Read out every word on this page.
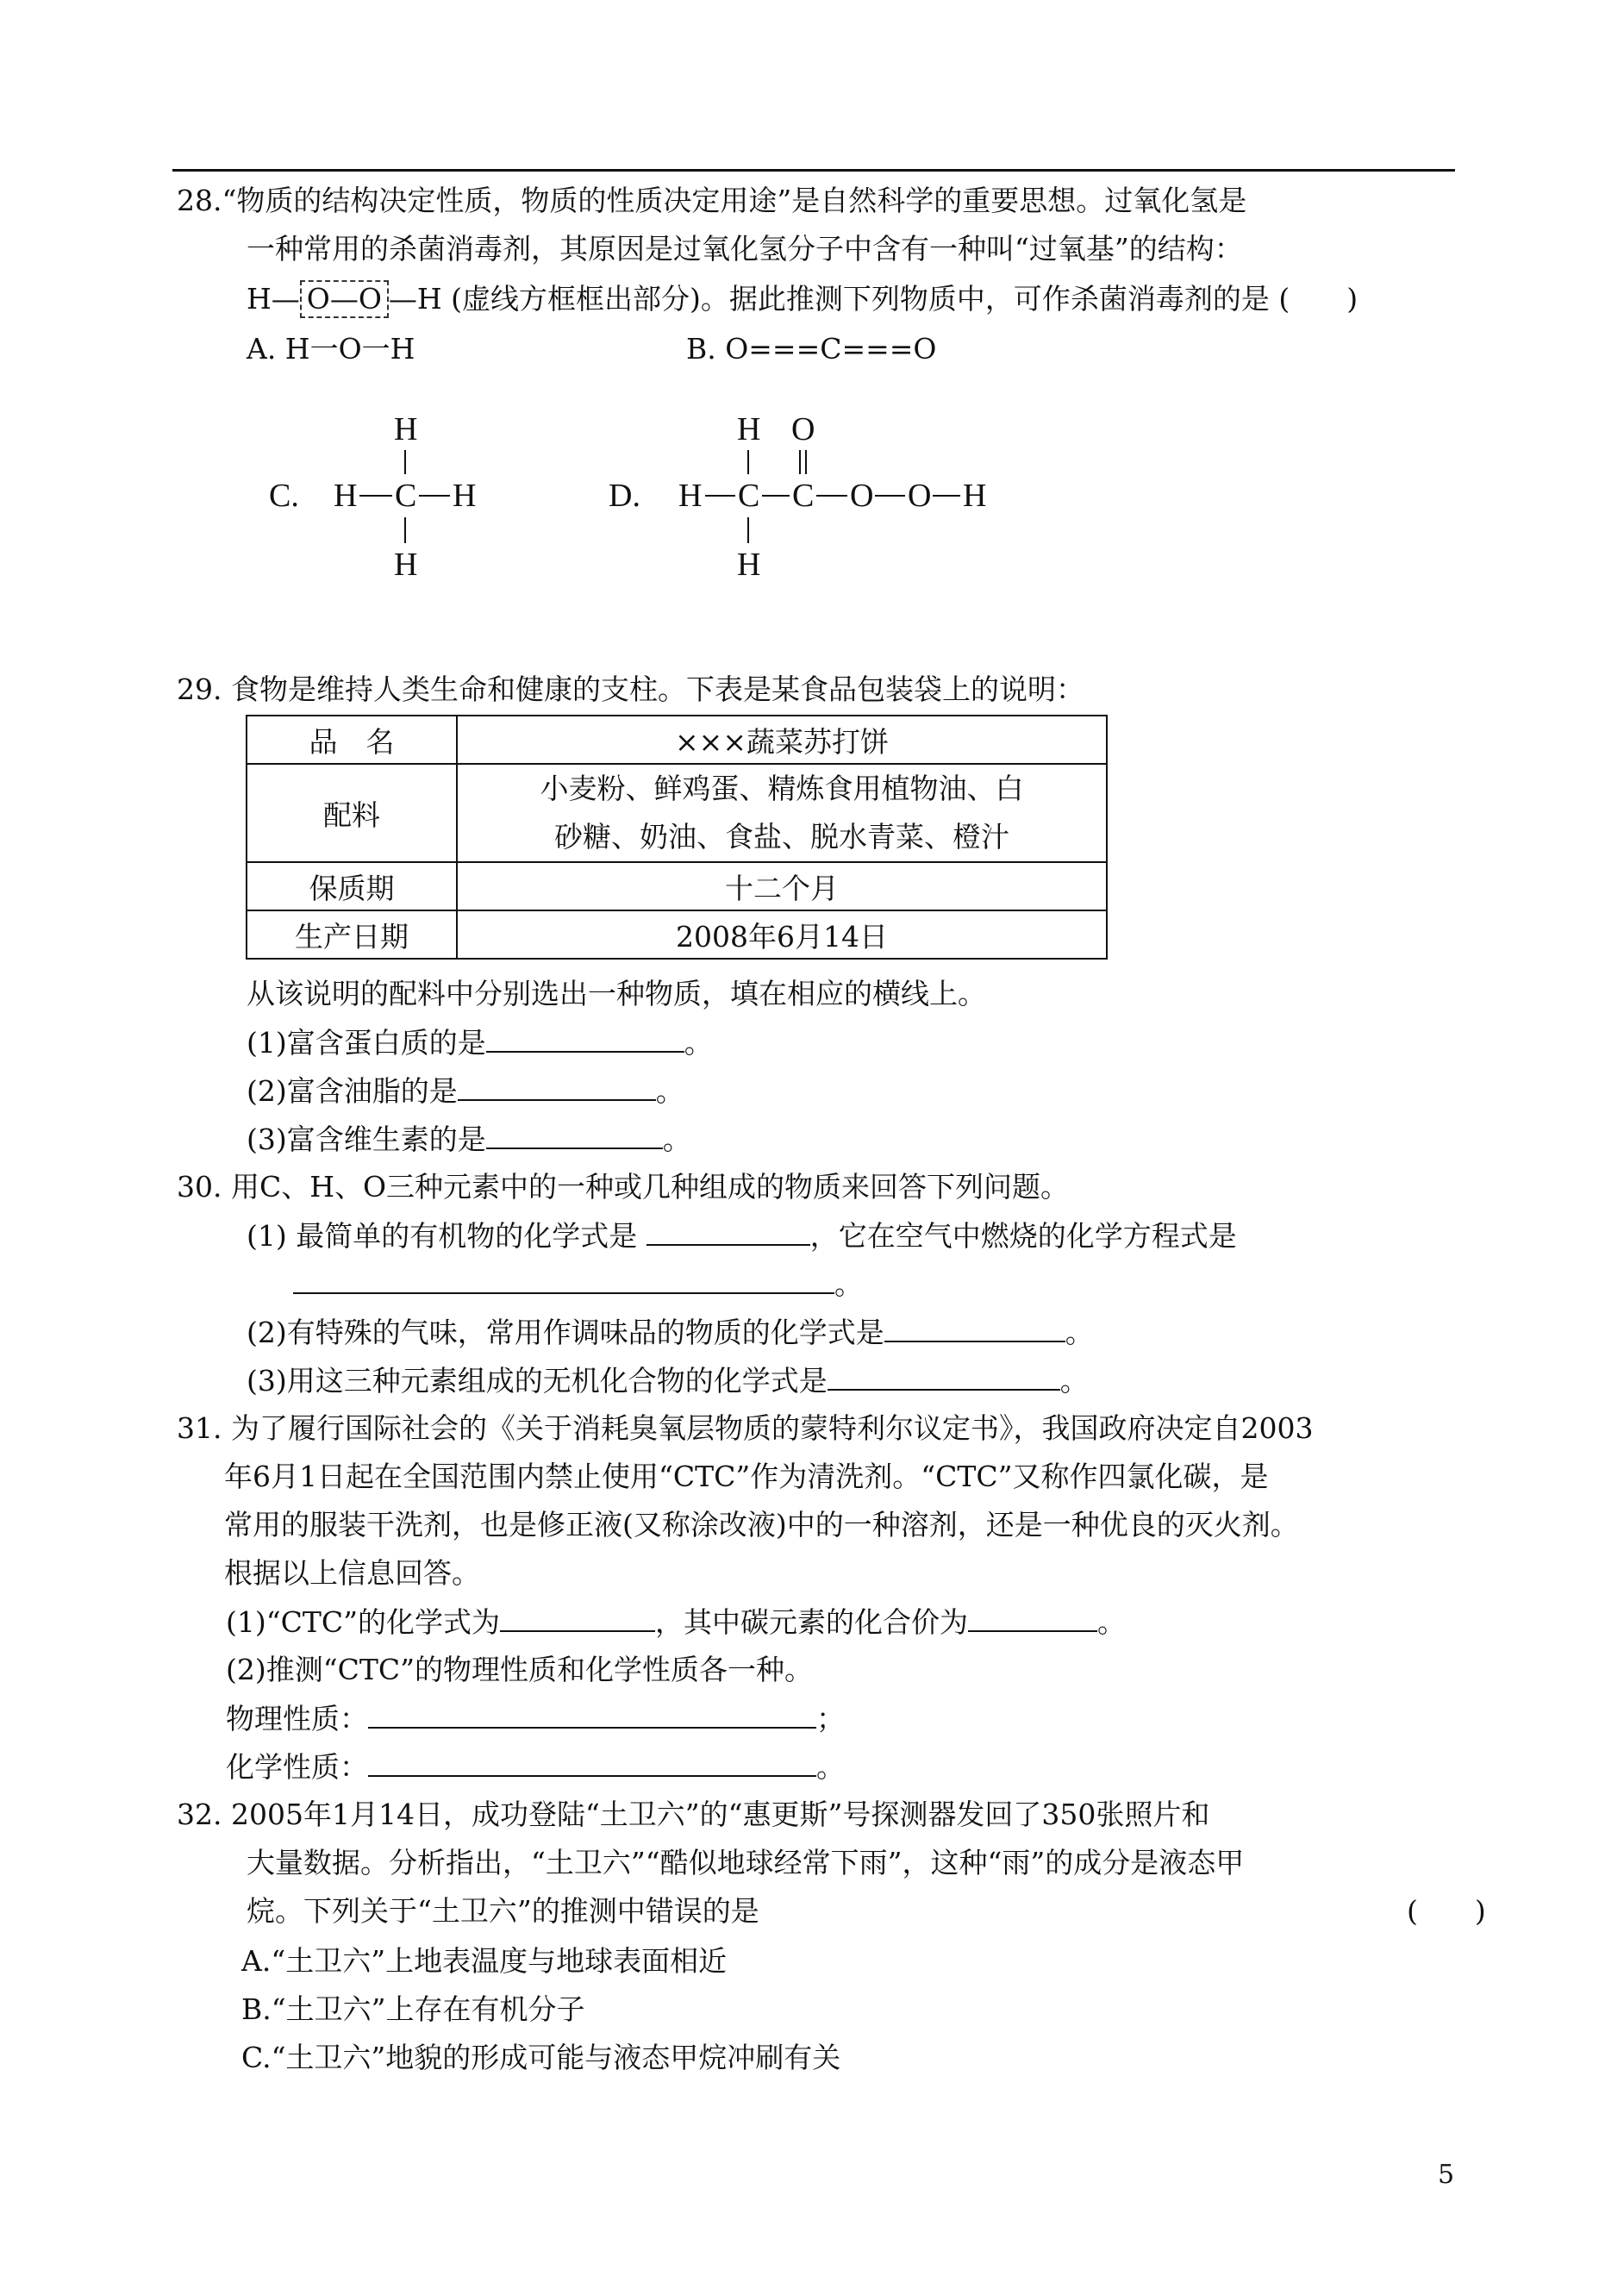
28.“物质的结构决定性质，物质的性质决定用途”是自然科学的重要思想。过氧化氢是
一种常用的杀菌消毒剂，其原因是过氧化氢分子中含有一种叫“过氧基”的结构：
H— O—O —H (虚线方框框出部分)。据此推测下列物质中，可作杀菌消毒剂的是 (　　)
A. H一O一H	B. O===C===O
C.
H
H C H
H
D.
H O
H C C O O H
H
29. 食物是维持人类生命和健康的支柱。下表是某食品包装袋上的说明：
品　名	×××蔬菜苏打饼
配料	小麦粉、鲜鸡蛋、精炼食用植物油、白
砂糖、奶油、食盐、脱水青菜、橙汁

保质期	十二个月
生产日期	2008年6月14日
从该说明的配料中分别选出一种物质，填在相应的横线上。
(1)富含蛋白质的是	。
(2)富含油脂的是	。
(3)富含维生素的是	。
30. 用C、H、O三种元素中的一种或几种组成的物质来回答下列问题。
(1) 最简单的有机物的化学式是	，它在空气中燃烧的化学方程式是
。
(2)有特殊的气味，常用作调味品的物质的化学式是	。
(3)用这三种元素组成的无机化合物的化学式是	。
31. 为了履行国际社会的《关于消耗臭氧层物质的蒙特利尔议定书》，我国政府决定自2003
年6月1日起在全国范围内禁止使用“CTC”作为清洗剂。“CTC”又称作四氯化碳，是
常用的服装干洗剂，也是修正液(又称涂改液)中的一种溶剂，还是一种优良的灭火剂。
根据以上信息回答。
(1)“CTC”的化学式为	，其中碳元素的化合价为	。
(2)推测“CTC”的物理性质和化学性质各一种。
物理性质：	；
化学性质：	。
32. 2005年1月14日，成功登陆“土卫六”的“惠更斯”号探测器发回了350张照片和
大量数据。分析指出，“土卫六”“酷似地球经常下雨”，这种“雨”的成分是液态甲
烷。下列关于“土卫六”的推测中错误的是	(　　)
A.“土卫六”上地表温度与地球表面相近
B.“土卫六”上存在有机分子
C.“土卫六”地貌的形成可能与液态甲烷冲刷有关
5
